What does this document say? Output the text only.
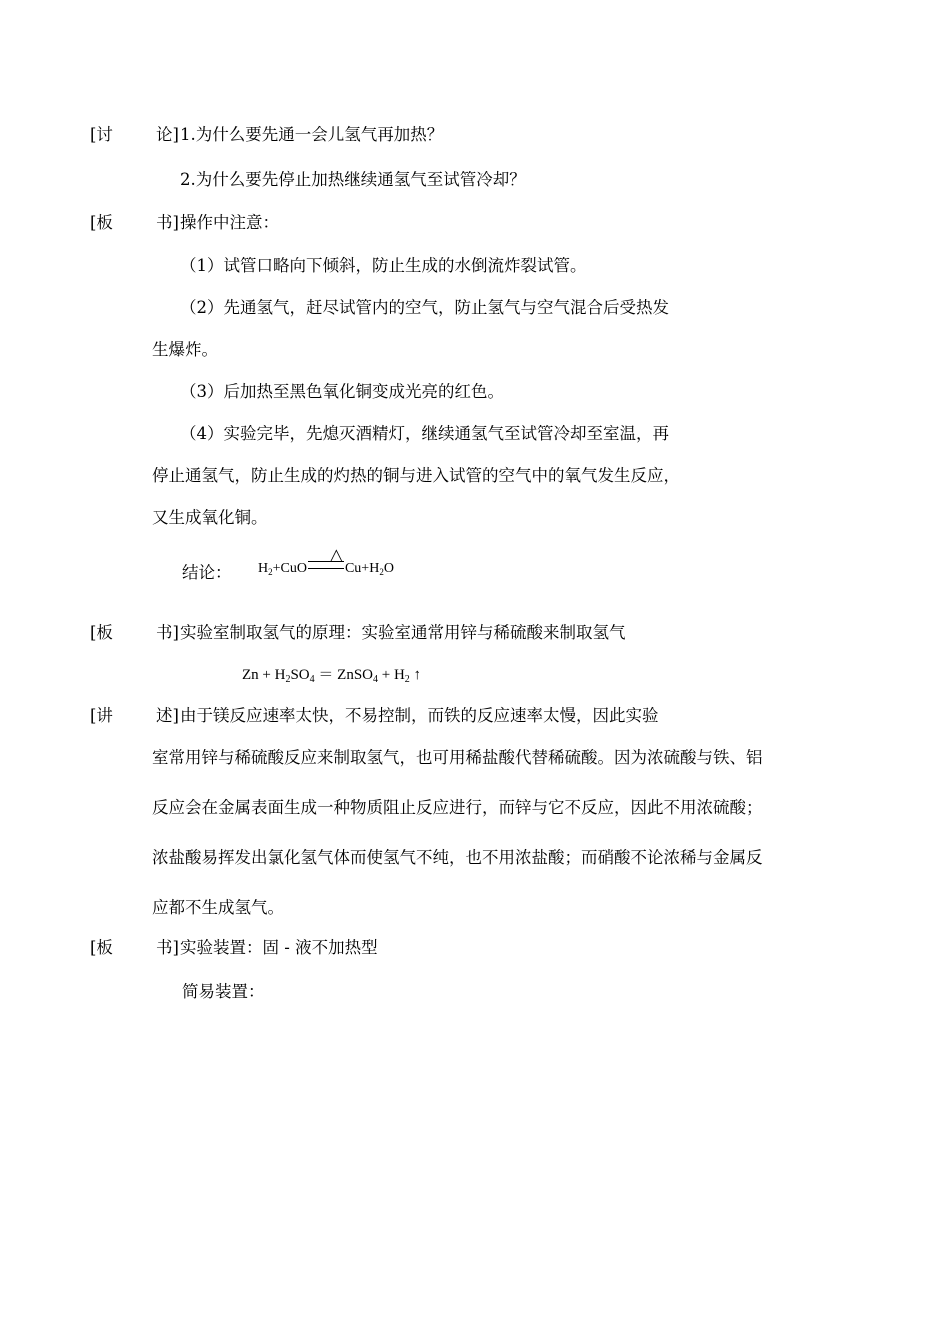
[讨	论] 1.为什么要先通一会儿氢气再加热？
2.为什么要先停止加热继续通氢气至试管冷却？
[板	书] 操作中注意：
（1）试管口略向下倾斜，防止生成的水倒流炸裂试管。
（2）先通氢气，赶尽试管内的空气，防止氢气与空气混合后受热发
生爆炸。
（3）后加热至黑色氧化铜变成光亮的红色。
（4）实验完毕，先熄灭酒精灯，继续通氢气至试管冷却至室温，再
停止通氢气，防止生成的灼热的铜与进入试管的空气中的氧气发生反应，
又生成氧化铜。
结论：
△
$H_2+CuO$	$Cu+H_2O$
[板	书] 实验室制取氢气的原理：实验室通常用锌与稀硫酸来制取氢气
$Zn + H_2SO_4$ ＝ ZnSO$_4$ + $H_2$ ↑
[讲	述] 由于镁反应速率太快，不易控制，而铁的反应速率太慢，因此实验
室常用锌与稀硫酸反应来制取氢气，也可用稀盐酸代替稀硫酸。因为浓硫酸与铁、铝
反应会在金属表面生成一种物质阻止反应进行，而锌与它不反应，因此不用浓硫酸；
浓盐酸易挥发出氯化氢气体而使氢气不纯，也不用浓盐酸；而硝酸不论浓稀与金属反
应都不生成氢气。
[板	书] 实验装置：固 - 液不加热型
简易装置：
